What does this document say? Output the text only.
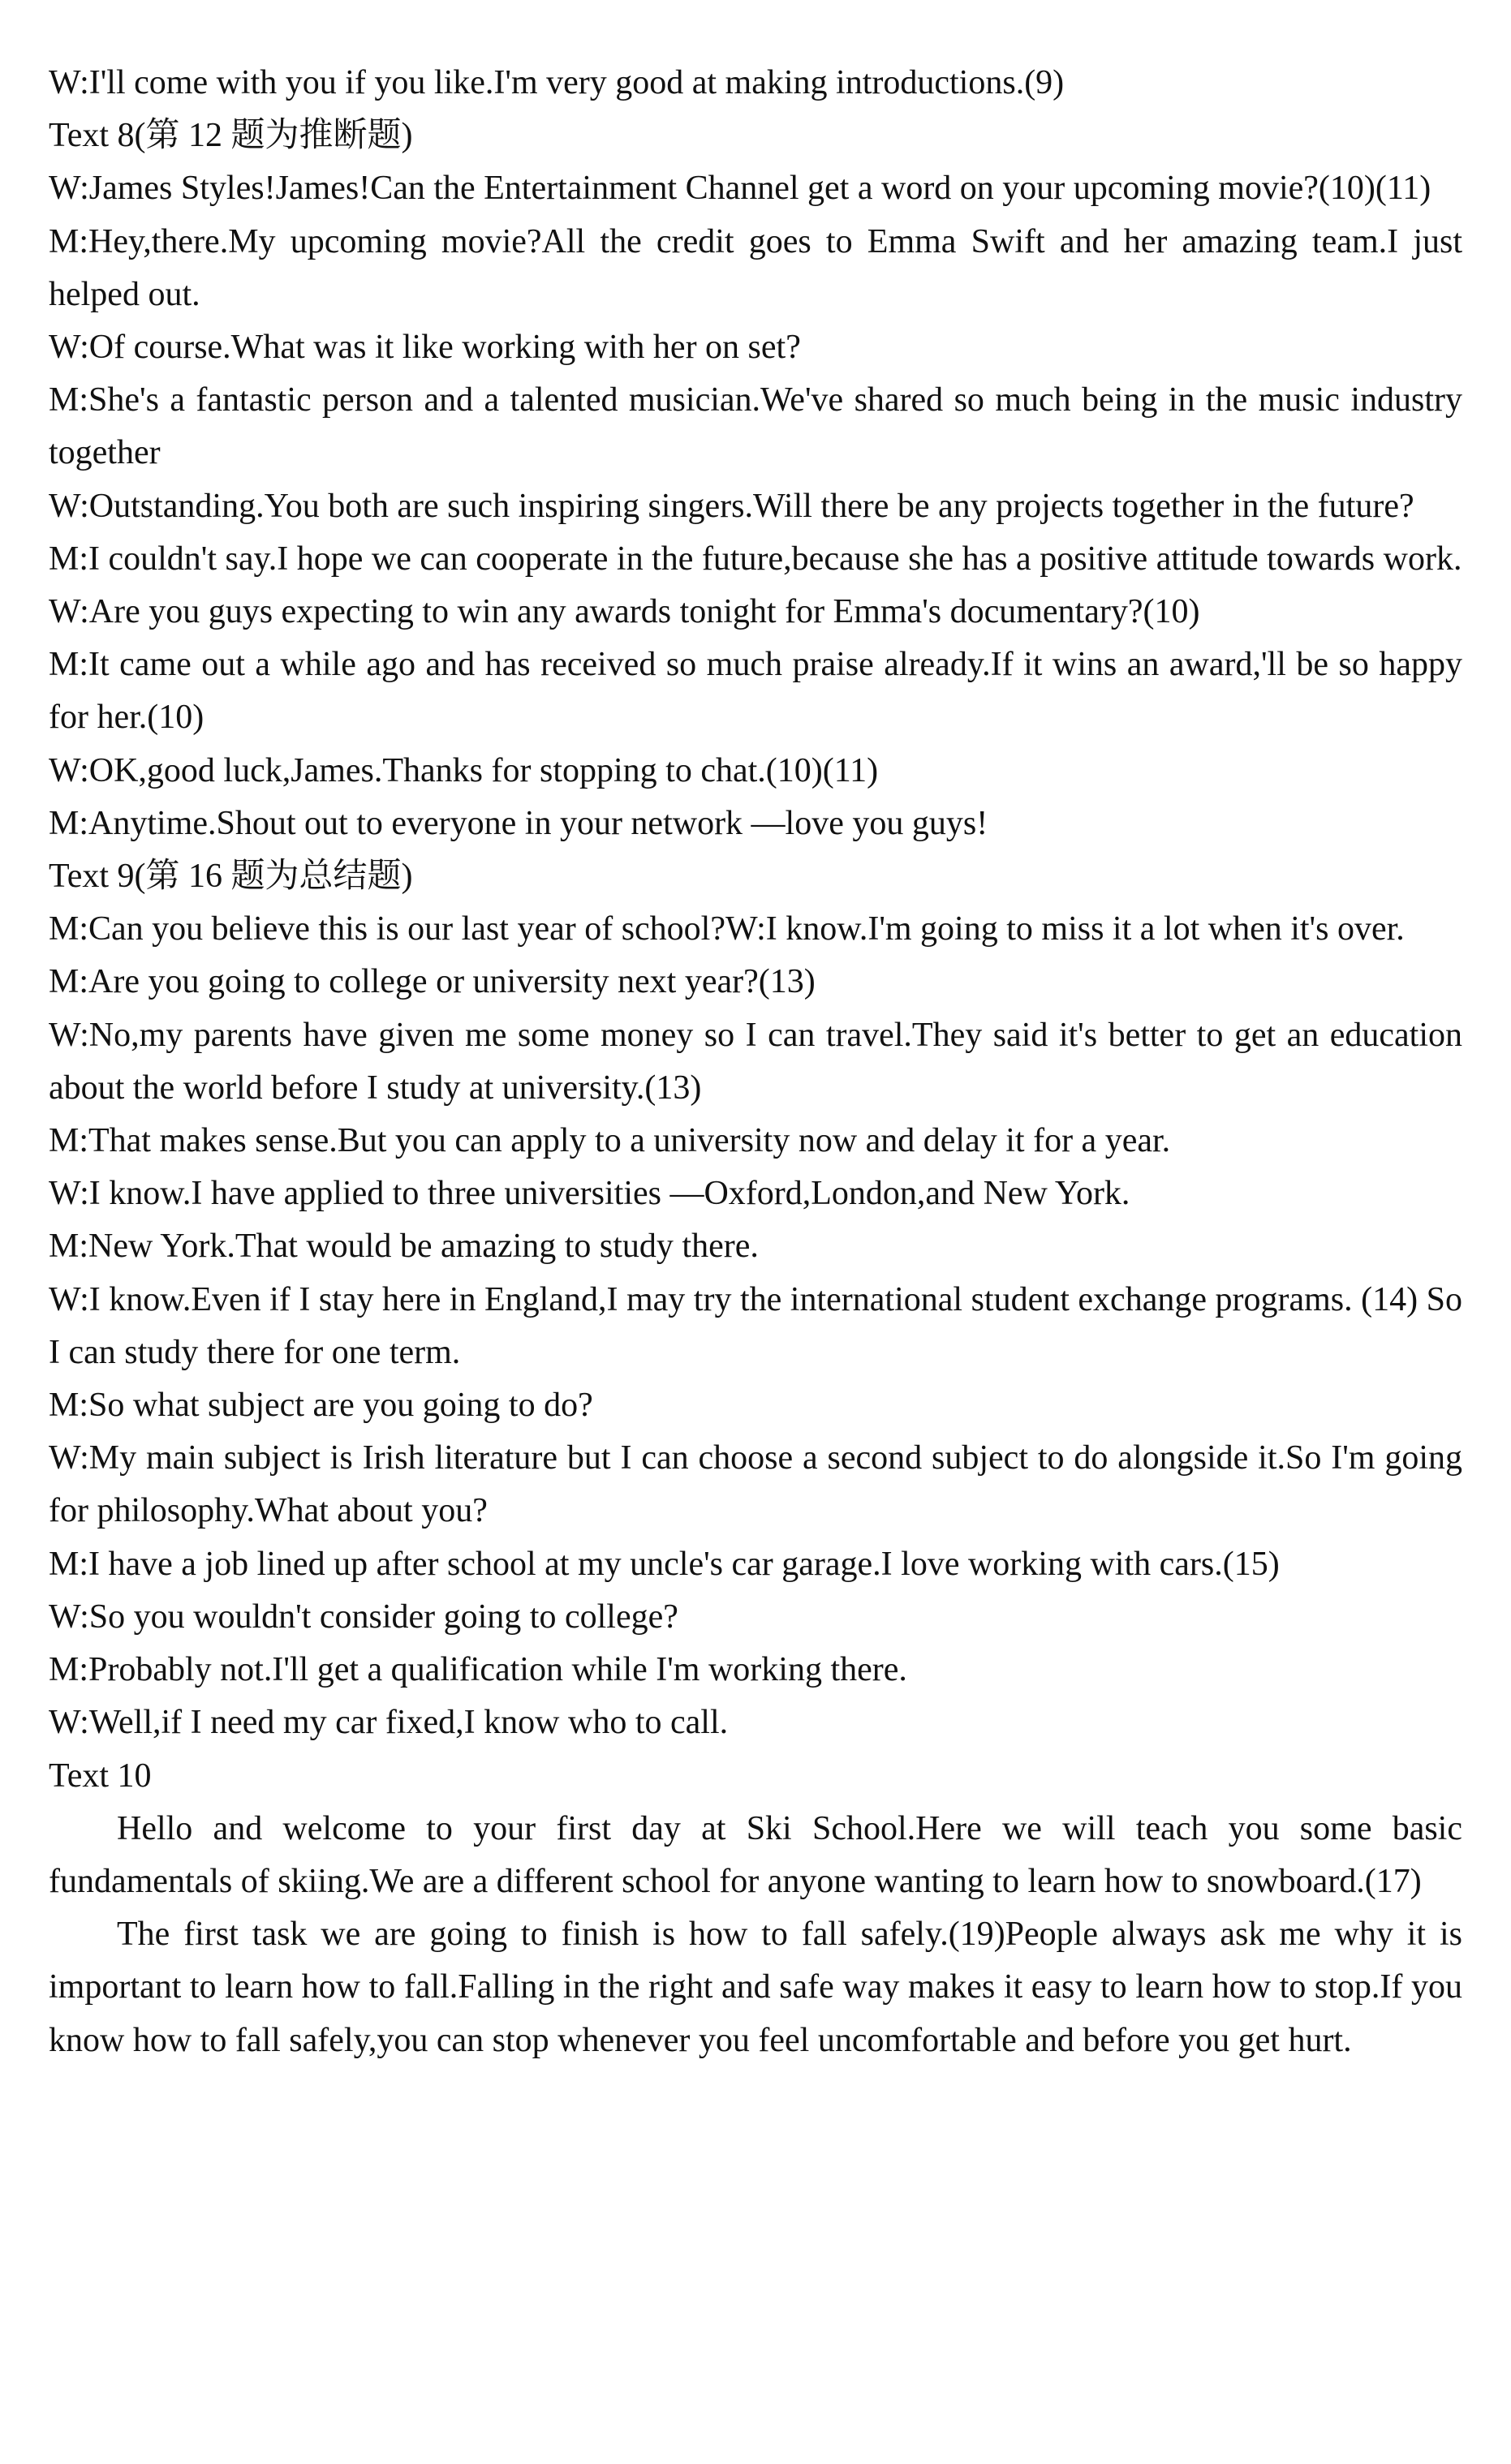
W:I'll come with you if you like.I'm very good at making introductions.(9)

Text 8(第 12 题为推断题)

W:James Styles!James!Can the Entertainment Channel get a word on your upcoming movie?(10)(11)

M:Hey,there.My upcoming movie?All the credit goes to Emma Swift and her amazing team.I just helped out.

W:Of course.What was it like working with her on set?

M:She's a fantastic person and a talented musician.We've shared so much being in the music industry together

W:Outstanding.You both are such inspiring singers.Will there be any projects together in the future?

M:I couldn't say.I hope we can cooperate in the future,because she has a positive attitude towards work.

W:Are you guys expecting to win any awards tonight for Emma's documentary?(10)

M:It came out a while ago and has received so much praise already.If it wins an award,'ll be so happy for her.(10)

W:OK,good luck,James.Thanks for stopping to chat.(10)(11)

M:Anytime.Shout out to everyone in your network —love you guys!

Text 9(第 16 题为总结题)

M:Can you believe this is our last year of school?W:I know.I'm going to miss it a lot when it's over.

M:Are you going to college or university next year?(13)

W:No,my parents have given me some money so I can travel.They said it's better to get an education about the world before I study at university.(13)

M:That makes sense.But you can apply to a university now and delay it for a year.

W:I know.I have applied to three universities —Oxford,London,and New York.

M:New York.That would be amazing to study there.

W:I know.Even if I stay here in England,I may try the international student exchange programs. (14) So I can study there for one term.

M:So what subject are you going to do?

W:My main subject is Irish literature but I can choose a second subject to do alongside it.So I'm going for philosophy.What about you?

M:I have a job lined up after school at my uncle's car garage.I love working with cars.(15)

W:So you wouldn't consider going to college?

M:Probably not.I'll get a qualification while I'm working there.

W:Well,if I need my car fixed,I know who to call.

Text 10

Hello and welcome to your first day at Ski School.Here we will teach you some basic fundamentals of skiing.We are a different school for anyone wanting to learn how to snowboard.(17)

The first task we are going to finish is how to fall safely.(19)People always ask me why it is important to learn how to fall.Falling in the right and safe way makes it easy to learn how to stop.If you know how to fall safely,you can stop whenever you feel uncomfortable and before you get hurt.
